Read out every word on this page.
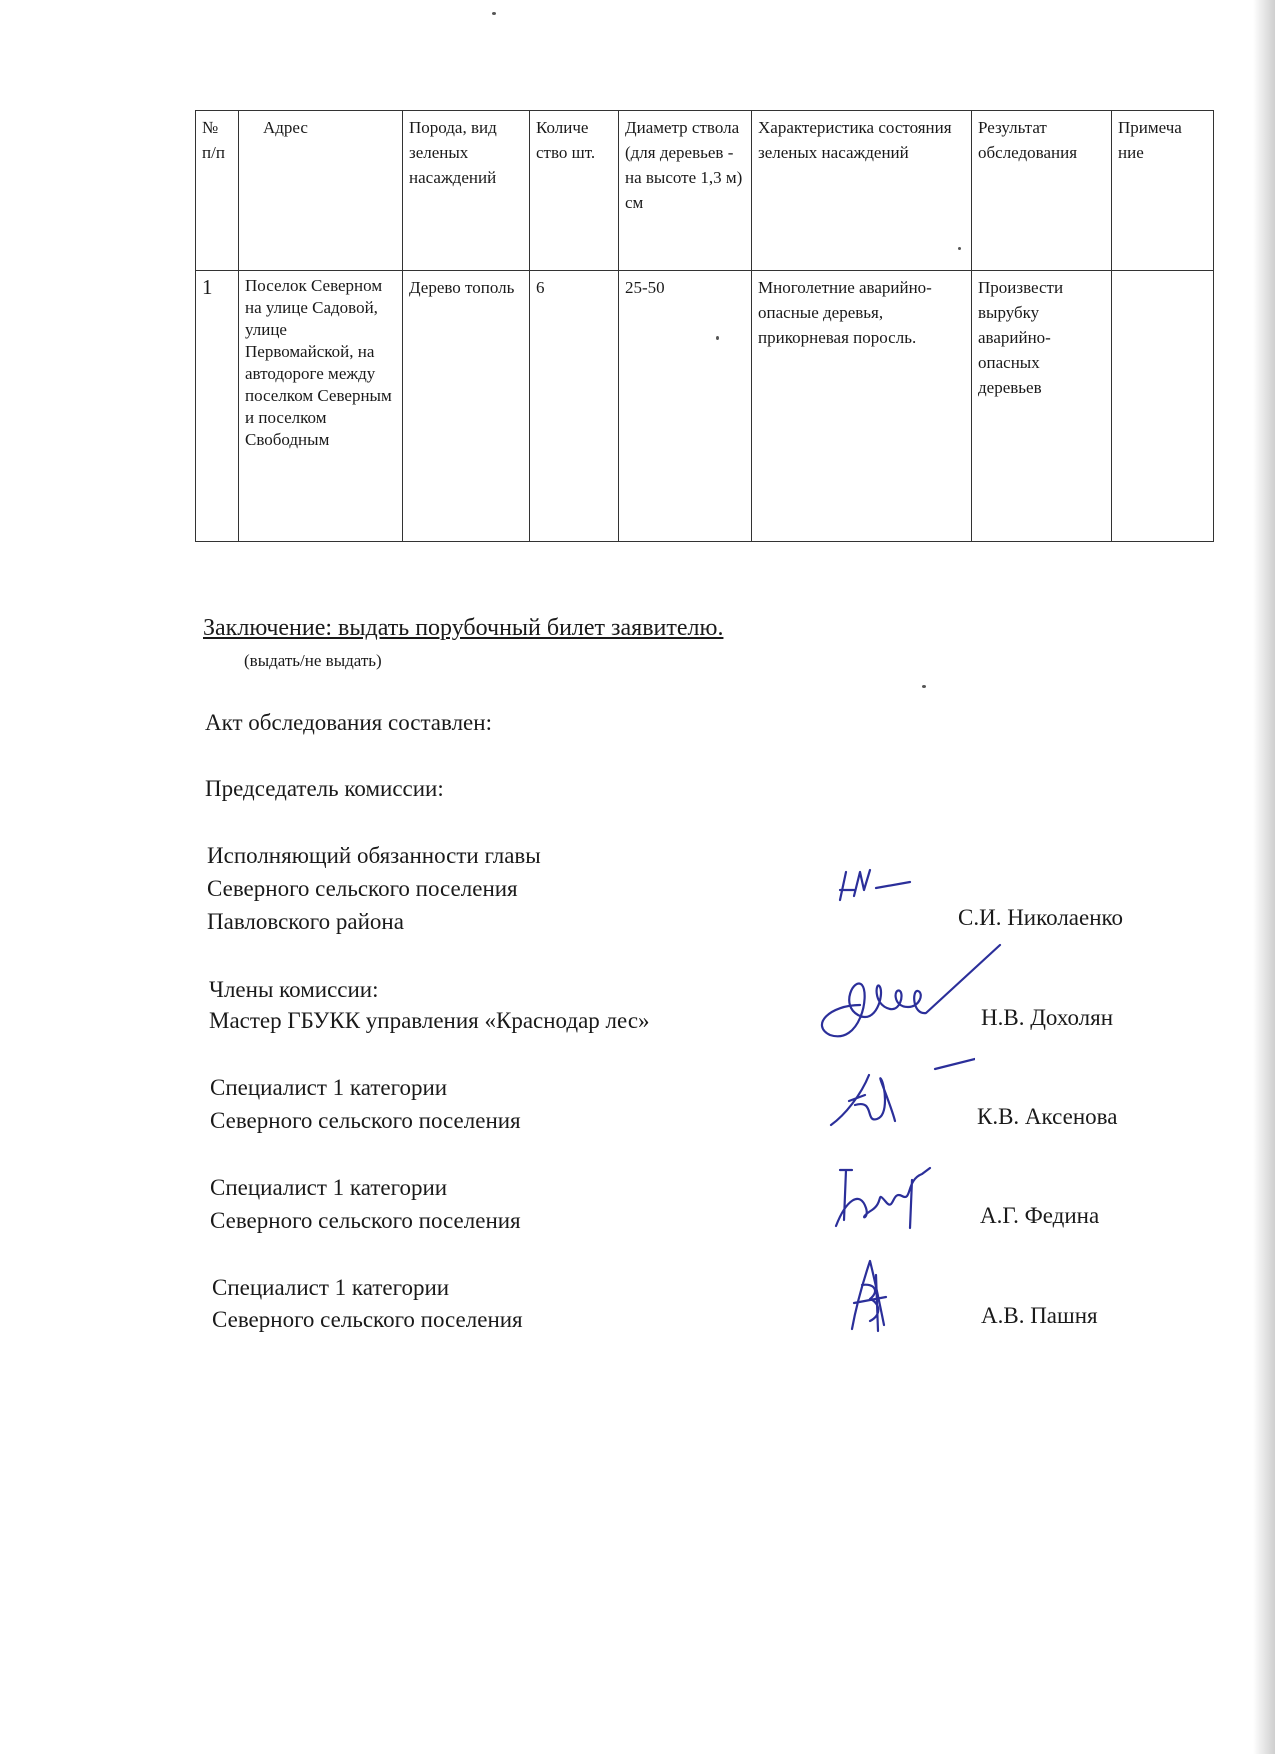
№ п/п	Адрес	Порода, вид зеленых насаждений	Количе ство шт.	Диаметр ствола (для деревьев - на высоте 1,3 м) см	Характеристика состояния зеленых насаждений	Результат обследования	Примеча ние
1	Поселок Северном на улице Садовой, улице Первомайской, на автодороге между поселком Северным и поселком Свободным	Дерево тополь	6	25-50	Многолетние аварийно-опасные деревья, прикорневая поросль.	Произвести вырубку аварийно-опасных деревьев	
Заключение: выдать порубочный билет заявителю.
(выдать/не выдать)
Акт обследования составлен:
Председатель комиссии:
Исполняющий обязанности главы
Северного сельского поселения
Павловского района	С.И. Николаенко
Члены комиссии:
Мастер ГБУКК управления «Краснодар лес»	Н.В. Дохолян
Специалист 1 категории
Северного сельского поселения	К.В. Аксенова
Специалист 1 категории
Северного сельского поселения	А.Г. Федина
Специалист 1 категории
Северного сельского поселения	А.В. Пашня
